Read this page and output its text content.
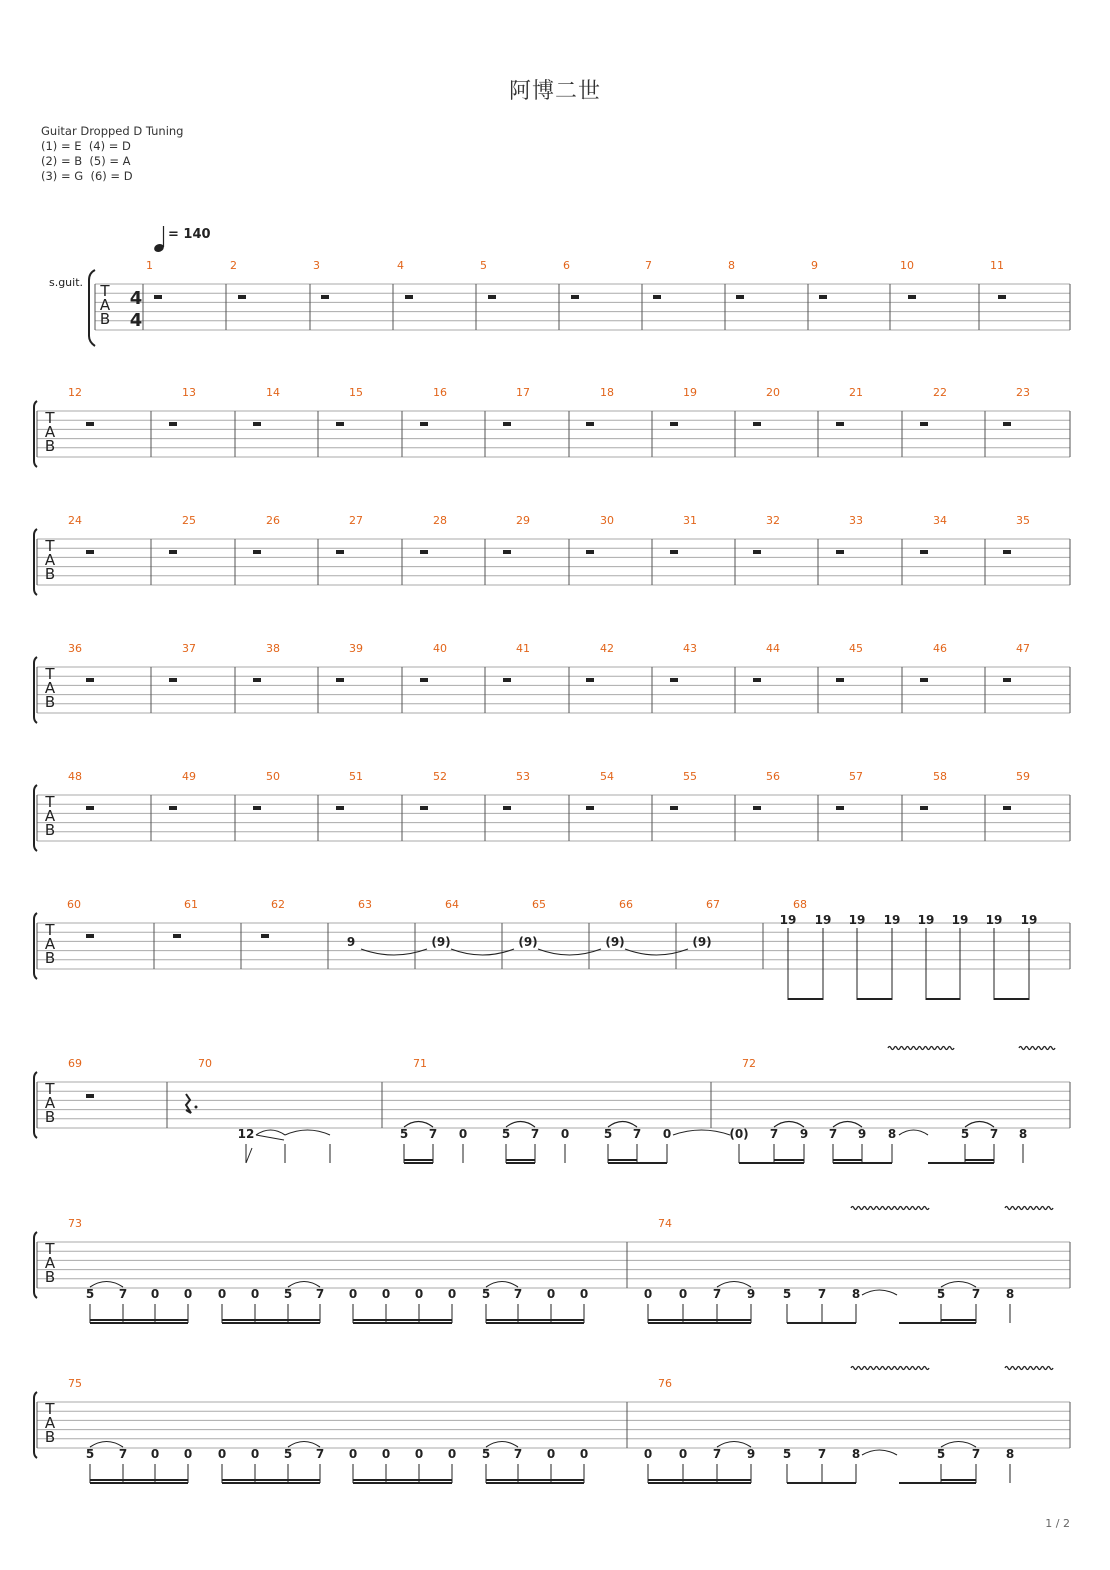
阿博二世
Guitar Dropped D Tuning
(1) = E  (4) = D
(2) = B  (5) = A
(3) = G  (6) = D
T
A
B
4
4
s.guit.
= 140
1	2	3	4	5	6	7	8	9	10	11
T
A
B
12	13	14	15	16	17	18	19	20	21	22	23
T
A
B
24	25	26	27	28	29	30	31	32	33	34	35
T
A
B
36	37	38	39	40	41	42	43	44	45	46	47
T
A
B
48	49	50	51	52	53	54	55	56	57	58	59
T
A
B
60	61	62	63	64	65	66	67	68
9	(9)	(9)	(9)	(9)
19 19 19 19 19 19 19 19
T
A
B
69	70	71	72
12	5 7 0	5 7 0	5 7 0	(0) 7 9 7 9 8	5 7 8
T
A
B
73	74
5 7 0 0 0 0 5 7 0 0 0 0 5 7 0 0	0 0 7 9 5 7 8	5 7 8
T
A
B
75	76
5 7 0 0 0 0 5 7 0 0 0 0 5 7 0 0	0 0 7 9 5 7 8	5 7 8
1 / 2
